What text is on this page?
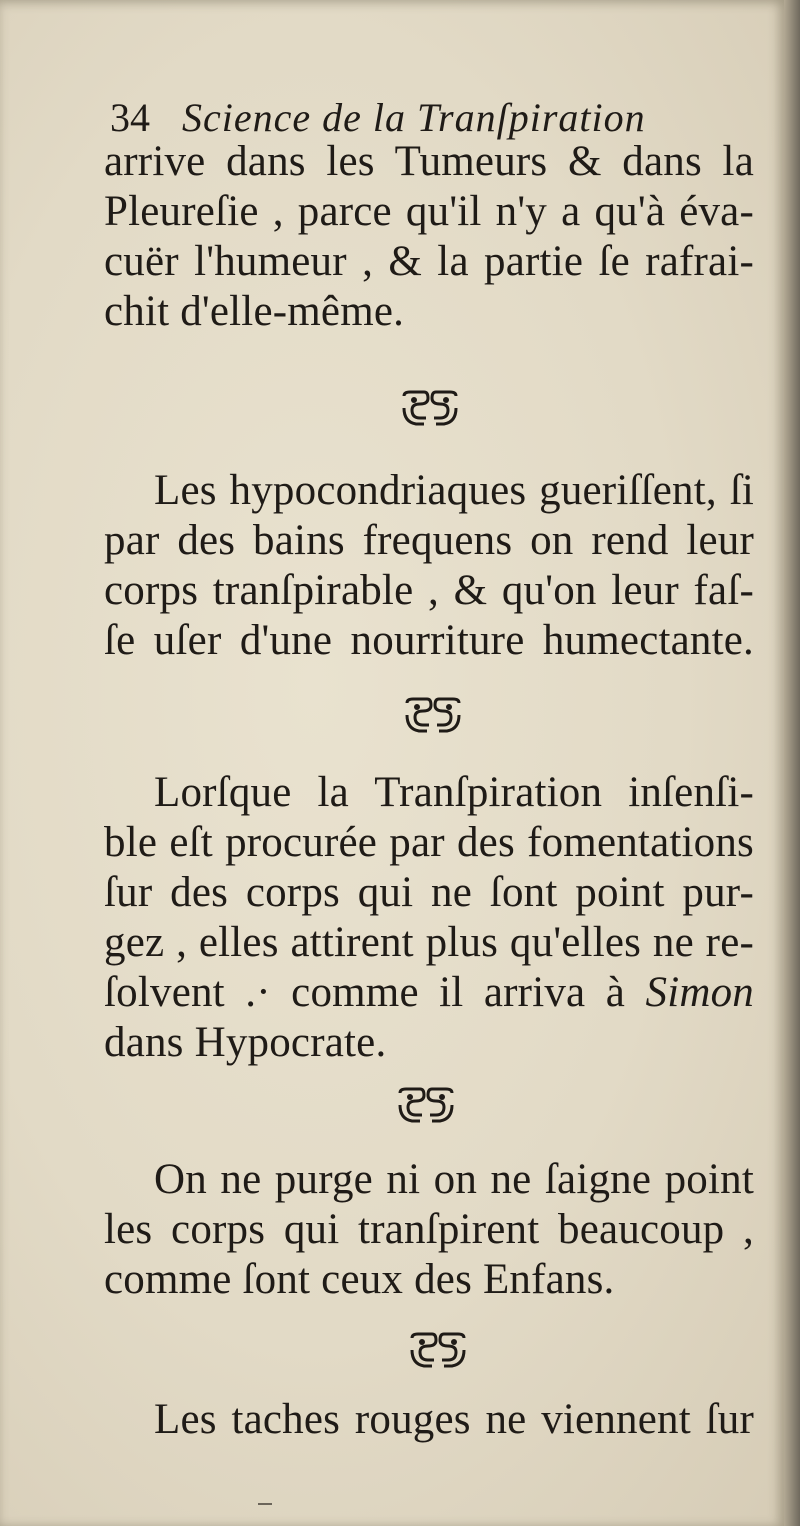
34 Science de la Tranſpiration
arrive dans les Tumeurs & dans la
Pleureſie , parce qu'il n'y a qu'à éva-
cuër l'humeur , & la partie ſe rafrai-
chit d'elle-même.
Les hypocondriaques gueriſſent, ſi
par des bains frequens on rend leur
corps tranſpirable , & qu'on leur faſ-
ſe uſer d'une nourriture humectante.
Lorſque la Tranſpiration inſenſi-
ble eſt procurée par des fomentations
ſur des corps qui ne ſont point pur-
gez , elles attirent plus qu'elles ne re-
ſolvent .· comme il arriva à Simon
dans Hypocrate.
On ne purge ni on ne ſaigne point
les corps qui tranſpirent beaucoup ,
comme ſont ceux des Enfans.
Les taches rouges ne viennent ſur
